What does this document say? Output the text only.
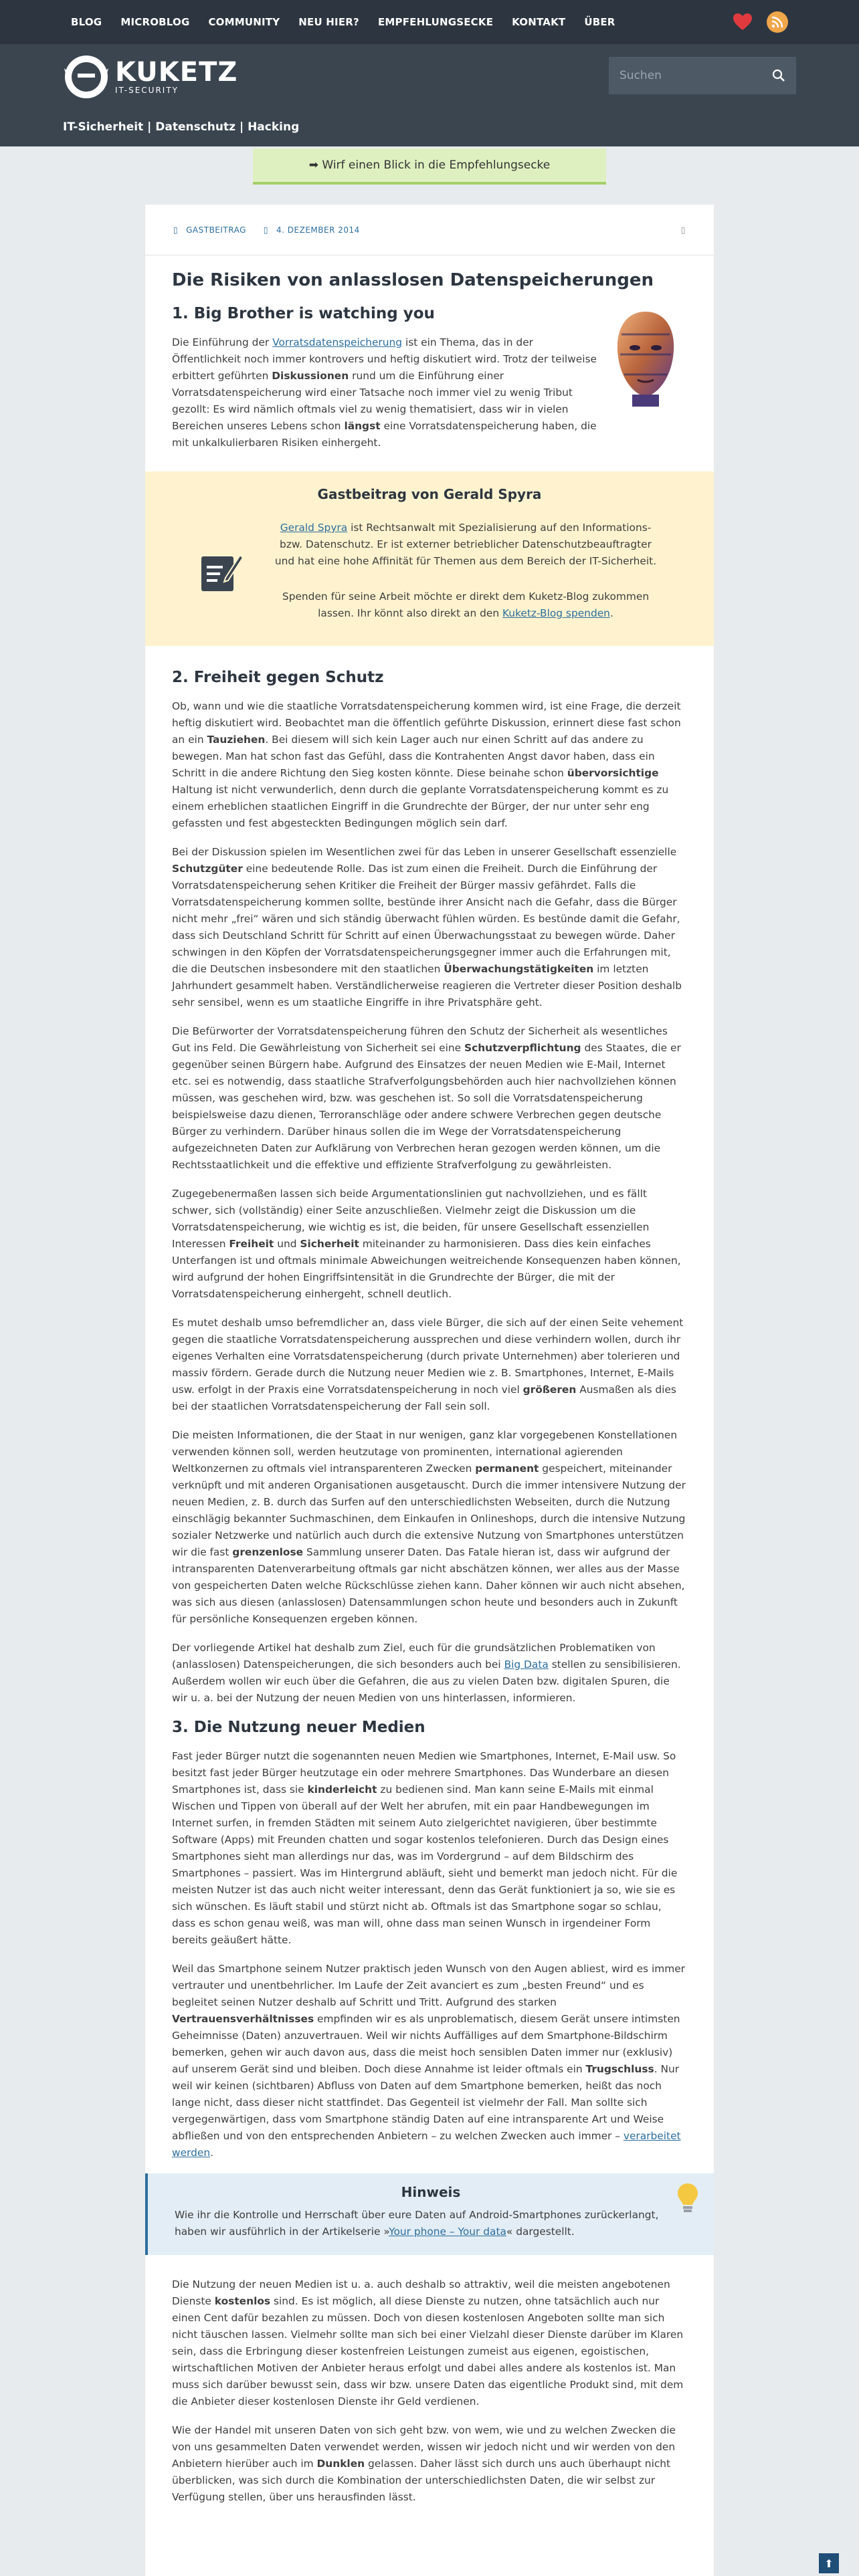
BLOG MICROBLOG COMMUNITY NEU HIER? EMPFEHLUNGSECKE KONTAKT ÜBER
KUKETZ
IT-SECURITY
IT-Sicherheit | Datenschutz | Hacking
Suchen
➡ Wirf einen Blick in die Empfehlungsecke
▯ GASTBEITRAG ▯ 4. DEZEMBER 2014	▯
Die Risiken von anlasslosen Datenspeicherungen
1. Big Brother is watching you

Die Einführung der Vorratsdatenspeicherung ist ein Thema, das in der Öffentlichkeit noch immer kontrovers und heftig diskutiert wird. Trotz der teilweise erbittert geführten Diskussionen rund um die Einführung einer Vorratsdatenspeicherung wird einer Tatsache noch immer viel zu wenig Tribut gezollt: Es wird nämlich oftmals viel zu wenig thematisiert, dass wir in vielen Bereichen unseres Lebens schon längst eine Vorratsdatenspeicherung haben, die mit unkalkulierbaren Risiken einhergeht.

Gastbeitrag von Gerald Spyra

Gerald Spyra ist Rechtsanwalt mit Spezialisierung auf den Informations- bzw. Datenschutz. Er ist externer betrieblicher Datenschutzbeauftragter und hat eine hohe Affinität für Themen aus dem Bereich der IT-Sicherheit.

Spenden für seine Arbeit möchte er direkt dem Kuketz-Blog zukommen lassen. Ihr könnt also direkt an den Kuketz-Blog spenden.

2. Freiheit gegen Schutz

Ob, wann und wie die staatliche Vorratsdatenspeicherung kommen wird, ist eine Frage, die derzeit heftig diskutiert wird. Beobachtet man die öffentlich geführte Diskussion, erinnert diese fast schon an ein Tauziehen. Bei diesem will sich kein Lager auch nur einen Schritt auf das andere zu bewegen. Man hat schon fast das Gefühl, dass die Kontrahenten Angst davor haben, dass ein Schritt in die andere Richtung den Sieg kosten könnte. Diese beinahe schon übervorsichtige Haltung ist nicht verwunderlich, denn durch die geplante Vorratsdatenspeicherung kommt es zu einem erheblichen staatlichen Eingriff in die Grundrechte der Bürger, der nur unter sehr eng gefassten und fest abgesteckten Bedingungen möglich sein darf.

Bei der Diskussion spielen im Wesentlichen zwei für das Leben in unserer Gesellschaft essenzielle Schutzgüter eine bedeutende Rolle. Das ist zum einen die Freiheit. Durch die Einführung der Vorratsdatenspeicherung sehen Kritiker die Freiheit der Bürger massiv gefährdet. Falls die Vorratsdatenspeicherung kommen sollte, bestünde ihrer Ansicht nach die Gefahr, dass die Bürger nicht mehr „frei“ wären und sich ständig überwacht fühlen würden. Es bestünde damit die Gefahr, dass sich Deutschland Schritt für Schritt auf einen Überwachungsstaat zu bewegen würde. Daher schwingen in den Köpfen der Vorratsdatenspeicherungsgegner immer auch die Erfahrungen mit, die die Deutschen insbesondere mit den staatlichen Überwachungstätigkeiten im letzten Jahrhundert gesammelt haben. Verständlicherweise reagieren die Vertreter dieser Position deshalb sehr sensibel, wenn es um staatliche Eingriffe in ihre Privatsphäre geht.

Die Befürworter der Vorratsdatenspeicherung führen den Schutz der Sicherheit als wesentliches Gut ins Feld. Die Gewährleistung von Sicherheit sei eine Schutzverpflichtung des Staates, die er gegenüber seinen Bürgern habe. Aufgrund des Einsatzes der neuen Medien wie E-Mail, Internet etc. sei es notwendig, dass staatliche Strafverfolgungsbehörden auch hier nachvollziehen können müssen, was geschehen wird, bzw. was geschehen ist. So soll die Vorratsdatenspeicherung beispielsweise dazu dienen, Terroranschläge oder andere schwere Verbrechen gegen deutsche Bürger zu verhindern. Darüber hinaus sollen die im Wege der Vorratsdatenspeicherung aufgezeichneten Daten zur Aufklärung von Verbrechen heran gezogen werden können, um die Rechtsstaatlichkeit und die effektive und effiziente Strafverfolgung zu gewährleisten.

Zugegebenermaßen lassen sich beide Argumentationslinien gut nachvollziehen, und es fällt schwer, sich (vollständig) einer Seite anzuschließen. Vielmehr zeigt die Diskussion um die Vorratsdatenspeicherung, wie wichtig es ist, die beiden, für unsere Gesellschaft essenziellen Interessen Freiheit und Sicherheit miteinander zu harmonisieren. Dass dies kein einfaches Unterfangen ist und oftmals minimale Abweichungen weitreichende Konsequenzen haben können, wird aufgrund der hohen Eingriffsintensität in die Grundrechte der Bürger, die mit der Vorratsdatenspeicherung einhergeht, schnell deutlich.

Es mutet deshalb umso befremdlicher an, dass viele Bürger, die sich auf der einen Seite vehement gegen die staatliche Vorratsdatenspeicherung aussprechen und diese verhindern wollen, durch ihr eigenes Verhalten eine Vorratsdatenspeicherung (durch private Unternehmen) aber tolerieren und massiv fördern. Gerade durch die Nutzung neuer Medien wie z. B. Smartphones, Internet, E-Mails usw. erfolgt in der Praxis eine Vorratsdatenspeicherung in noch viel größeren Ausmaßen als dies bei der staatlichen Vorratsdatenspeicherung der Fall sein soll.

Die meisten Informationen, die der Staat in nur wenigen, ganz klar vorgegebenen Konstellationen verwenden können soll, werden heutzutage von prominenten, international agierenden Weltkonzernen zu oftmals viel intransparenteren Zwecken permanent gespeichert, miteinander verknüpft und mit anderen Organisationen ausgetauscht. Durch die immer intensivere Nutzung der neuen Medien, z. B. durch das Surfen auf den unterschiedlichsten Webseiten, durch die Nutzung einschlägig bekannter Suchmaschinen, dem Einkaufen in Onlineshops, durch die intensive Nutzung sozialer Netzwerke und natürlich auch durch die extensive Nutzung von Smartphones unterstützen wir die fast grenzenlose Sammlung unserer Daten. Das Fatale hieran ist, dass wir aufgrund der intransparenten Datenverarbeitung oftmals gar nicht abschätzen können, wer alles aus der Masse von gespeicherten Daten welche Rückschlüsse ziehen kann. Daher können wir auch nicht absehen, was sich aus diesen (anlasslosen) Datensammlungen schon heute und besonders auch in Zukunft für persönliche Konsequenzen ergeben können.

Der vorliegende Artikel hat deshalb zum Ziel, euch für die grundsätzlichen Problematiken von (anlasslosen) Datenspeicherungen, die sich besonders auch bei Big Data stellen zu sensibilisieren. Außerdem wollen wir euch über die Gefahren, die aus zu vielen Daten bzw. digitalen Spuren, die wir u. a. bei der Nutzung der neuen Medien von uns hinterlassen, informieren.

3. Die Nutzung neuer Medien

Fast jeder Bürger nutzt die sogenannten neuen Medien wie Smartphones, Internet, E-Mail usw. So besitzt fast jeder Bürger heutzutage ein oder mehrere Smartphones. Das Wunderbare an diesen Smartphones ist, dass sie kinderleicht zu bedienen sind. Man kann seine E-Mails mit einmal Wischen und Tippen von überall auf der Welt her abrufen, mit ein paar Handbewegungen im Internet surfen, in fremden Städten mit seinem Auto zielgerichtet navigieren, über bestimmte Software (Apps) mit Freunden chatten und sogar kostenlos telefonieren. Durch das Design eines Smartphones sieht man allerdings nur das, was im Vordergrund – auf dem Bildschirm des Smartphones – passiert. Was im Hintergrund abläuft, sieht und bemerkt man jedoch nicht. Für die meisten Nutzer ist das auch nicht weiter interessant, denn das Gerät funktioniert ja so, wie sie es sich wünschen. Es läuft stabil und stürzt nicht ab. Oftmals ist das Smartphone sogar so schlau, dass es schon genau weiß, was man will, ohne dass man seinen Wunsch in irgendeiner Form bereits geäußert hätte.

Weil das Smartphone seinem Nutzer praktisch jeden Wunsch von den Augen abliest, wird es immer vertrauter und unentbehrlicher. Im Laufe der Zeit avanciert es zum „besten Freund“ und es begleitet seinen Nutzer deshalb auf Schritt und Tritt. Aufgrund des starken Vertrauensverhältnisses empfinden wir es als unproblematisch, diesem Gerät unsere intimsten Geheimnisse (Daten) anzuvertrauen. Weil wir nichts Auffälliges auf dem Smartphone-Bildschirm bemerken, gehen wir auch davon aus, dass die meist hoch sensiblen Daten immer nur (exklusiv) auf unserem Gerät sind und bleiben. Doch diese Annahme ist leider oftmals ein Trugschluss. Nur weil wir keinen (sichtbaren) Abfluss von Daten auf dem Smartphone bemerken, heißt das noch lange nicht, dass dieser nicht stattfindet. Das Gegenteil ist vielmehr der Fall. Man sollte sich vergegenwärtigen, dass vom Smartphone ständig Daten auf eine intransparente Art und Weise abfließen und von den entsprechenden Anbietern – zu welchen Zwecken auch immer – verarbeitet werden.

Hinweis

Wie ihr die Kontrolle und Herrschaft über eure Daten auf Android-Smartphones zurückerlangt, haben wir ausführlich in der Artikelserie »Your phone – Your data« dargestellt.

Die Nutzung der neuen Medien ist u. a. auch deshalb so attraktiv, weil die meisten angebotenen Dienste kostenlos sind. Es ist möglich, all diese Dienste zu nutzen, ohne tatsächlich auch nur einen Cent dafür bezahlen zu müssen. Doch von diesen kostenlosen Angeboten sollte man sich nicht täuschen lassen. Vielmehr sollte man sich bei einer Vielzahl dieser Dienste darüber im Klaren sein, dass die Erbringung dieser kostenfreien Leistungen zumeist aus eigenen, egoistischen, wirtschaftlichen Motiven der Anbieter heraus erfolgt und dabei alles andere als kostenlos ist. Man muss sich darüber bewusst sein, dass wir bzw. unsere Daten das eigentliche Produkt sind, mit dem die Anbieter dieser kostenlosen Dienste ihr Geld verdienen.

Wie der Handel mit unseren Daten von sich geht bzw. von wem, wie und zu welchen Zwecken die von uns gesammelten Daten verwendet werden, wissen wir jedoch nicht und wir werden von den Anbietern hierüber auch im Dunklen gelassen. Daher lässt sich durch uns auch überhaupt nicht überblicken, was sich durch die Kombination der unterschiedlichsten Daten, die wir selbst zur Verfügung stellen, über uns herausfinden lässt.

⬆
